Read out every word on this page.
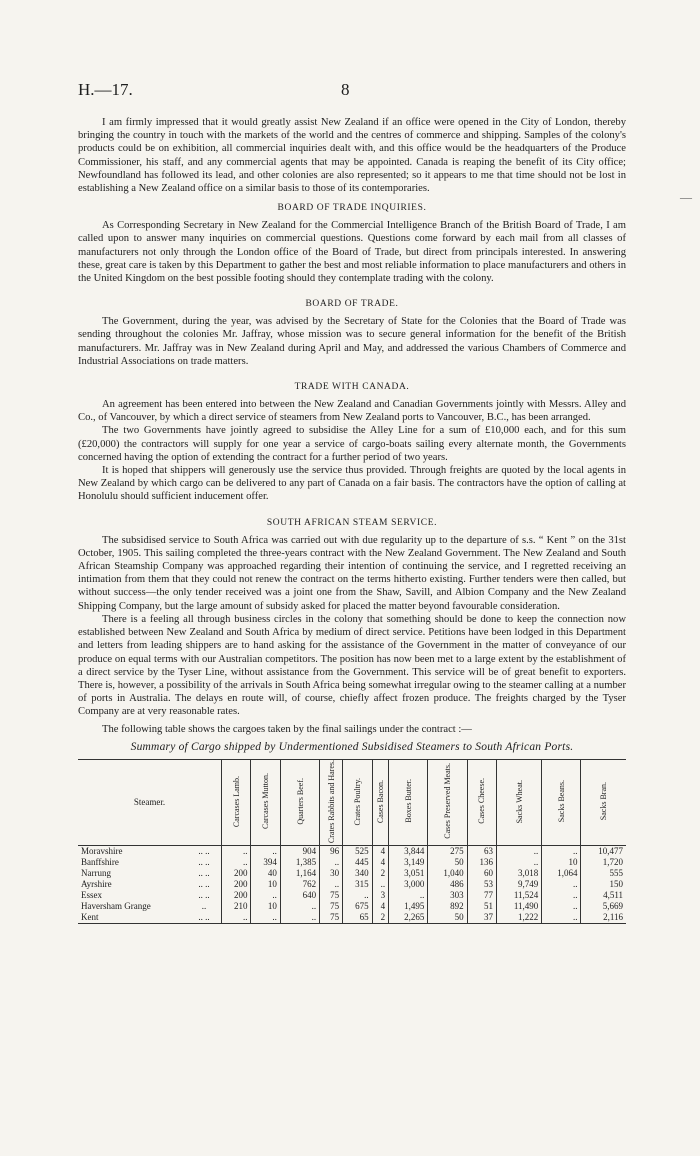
—
H.—17.	8

I am firmly impressed that it would greatly assist New Zealand if an office were opened in the City of London, thereby bringing the country in touch with the markets of the world and the centres of commerce and shipping. Samples of the colony's products could be on exhibition, all commercial inquiries dealt with, and this office would be the headquarters of the Produce Commissioner, his staff, and any commercial agents that may be appointed. Canada is reaping the benefit of its City office; Newfoundland has followed its lead, and other colonies are also represented; so it appears to me that time should not be lost in establishing a New Zealand office on a similar basis to those of its contemporaries.

BOARD OF TRADE INQUIRIES.

As Corresponding Secretary in New Zealand for the Commercial Intelligence Branch of the British Board of Trade, I am called upon to answer many inquiries on commercial questions. Questions come forward by each mail from all classes of manufacturers not only through the London office of the Board of Trade, but direct from principals interested. In answering these, great care is taken by this Department to gather the best and most reliable information to place manufacturers and others in the United Kingdom on the best possible footing should they contemplate trading with the colony.

BOARD OF TRADE.

The Government, during the year, was advised by the Secretary of State for the Colonies that the Board of Trade was sending throughout the colonies Mr. Jaffray, whose mission was to secure general information for the benefit of the British manufacturers. Mr. Jaffray was in New Zealand during April and May, and addressed the various Chambers of Commerce and Industrial Associations on trade matters.

TRADE WITH CANADA.

An agreement has been entered into between the New Zealand and Canadian Governments jointly with Messrs. Alley and Co., of Vancouver, by which a direct service of steamers from New Zealand ports to Vancouver, B.C., has been arranged.

The two Governments have jointly agreed to subsidise the Alley Line for a sum of £10,000 each, and for this sum (£20,000) the contractors will supply for one year a service of cargo-boats sailing every alternate month, the Governments concerned having the option of extending the contract for a further period of two years.

It is hoped that shippers will generously use the service thus provided. Through freights are quoted by the local agents in New Zealand by which cargo can be delivered to any part of Canada on a fair basis. The contractors have the option of calling at Honolulu should sufficient inducement offer.

SOUTH AFRICAN STEAM SERVICE.

The subsidised service to South Africa was carried out with due regularity up to the departure of s.s. “ Kent ” on the 31st October, 1905. This sailing completed the three-years contract with the New Zealand Government. The New Zealand and South African Steamship Company was approached regarding their intention of continuing the service, and I regretted receiving an intimation from them that they could not renew the contract on the terms hitherto existing. Further tenders were then called, but without success—the only tender received was a joint one from the Shaw, Savill, and Albion Company and the New Zealand Shipping Company, but the large amount of subsidy asked for placed the matter beyond favourable consideration.

There is a feeling all through business circles in the colony that something should be done to keep the connection now established between New Zealand and South Africa by medium of direct service. Petitions have been lodged in this Department and letters from leading shippers are to hand asking for the assistance of the Government in the matter of conveyance of our produce on equal terms with our Australian competitors. The position has now been met to a large extent by the establishment of a direct service by the Tyser Line, without assistance from the Government. This service will be of great benefit to exporters. There is, however, a possibility of the arrivals in South Africa being somewhat irregular owing to the steamer calling at a number of ports in Australia. The delays en route will, of course, chiefly affect frozen produce. The freights charged by the Tyser Company are at very reasonable rates.

The following table shows the cargoes taken by the final sailings under the contract :—

Summary of Cargo shipped by Undermentioned Subsidised Steamers to South African Ports.
Steamer.		Carcases Lamb.	Carcases Mutton.	Quarters Beef.	Crates Rabbits and Hares.	Crates Poultry.	Cases Bacon.	Boxes Butter.	Cases Preserved Meats.	Cases Cheese.	Sacks Wheat.	Sacks Beans.	Sacks Bran.
Moravshire	.. ..	..	..	904	96	525	4	3,844	275	63	..	..	10,477
Banffshire	.. ..	..	394	1,385	..	445	4	3,149	50	136	..	10	1,720
Narrung	.. ..	200	40	1,164	30	340	2	3,051	1,040	60	3,018	1,064	555
Ayrshire	.. ..	200	10	762	..	315	..	3,000	486	53	9,749	..	150
Essex	.. ..	200	..	640	75	..	3	..	303	77	11,524	..	4,511
Haversham Grange	..	210	10	..	75	675	4	1,495	892	51	11,490	..	5,669
Kent	.. ..	..	..	..	75	65	2	2,265	50	37	1,222	..	2,116
